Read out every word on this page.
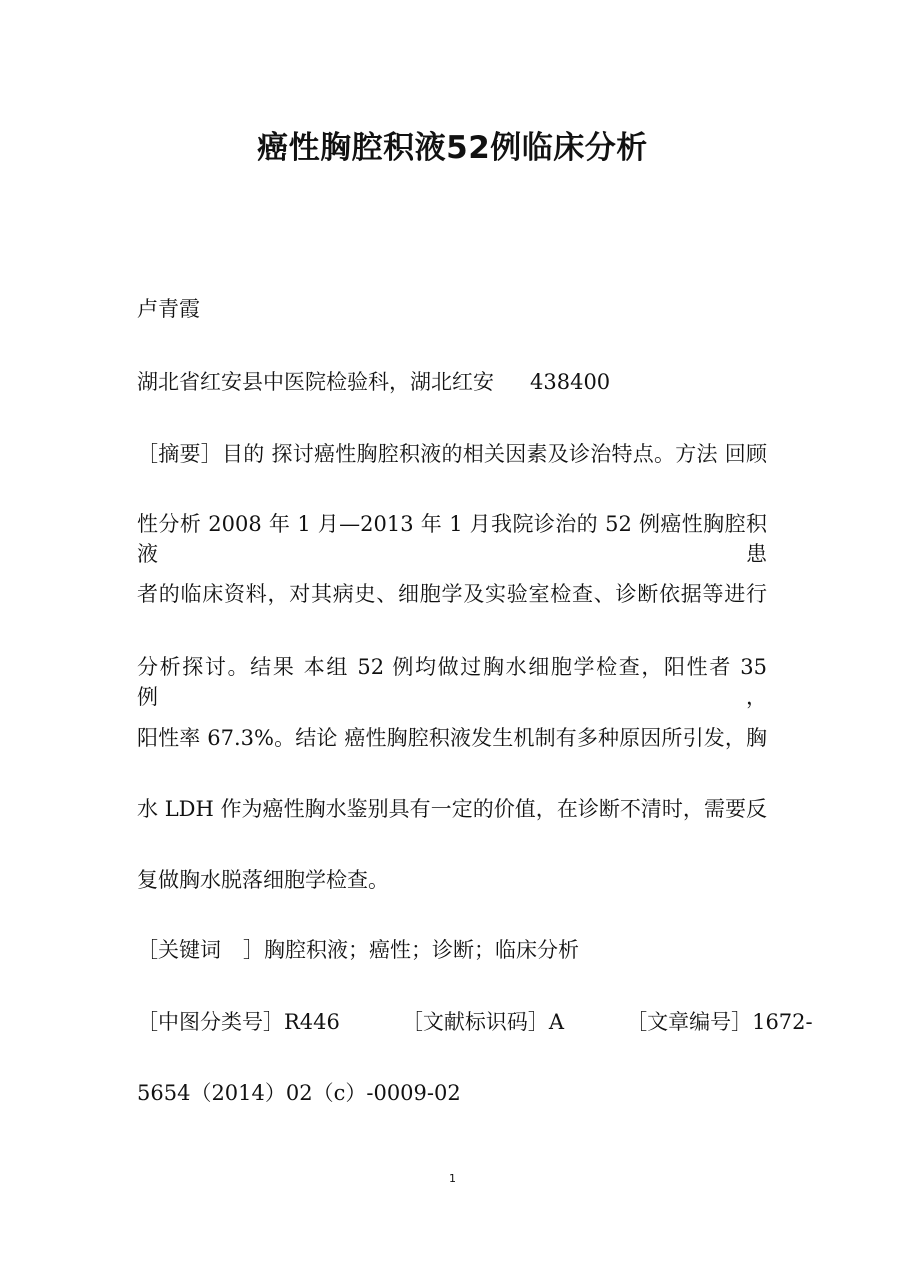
癌性胸腔积液52例临床分析
卢青霞
湖北省红安县中医院检验科，湖北红安 438400
［摘要］目的 探讨癌性胸腔积液的相关因素及诊治特点。方法 回顾
性分析 2008 年 1 月—2013 年 1 月我院诊治的 52 例癌性胸腔积液患
者的临床资料，对其病史、细胞学及实验室检查、诊断依据等进行
分析探讨。结果 本组 52 例均做过胸水细胞学检查，阳性者 35 例，
阳性率 67.3%。结论 癌性胸腔积液发生机制有多种原因所引发，胸
水 LDH 作为癌性胸水鉴别具有一定的价值，在诊断不清时，需要反
复做胸水脱落细胞学检查。
［关键词 ］胸腔积液；癌性；诊断；临床分析
［中图分类号］R446	［文献标识码］A	［文章编号］1672-
5654（2014）02（c）-0009-02
1
